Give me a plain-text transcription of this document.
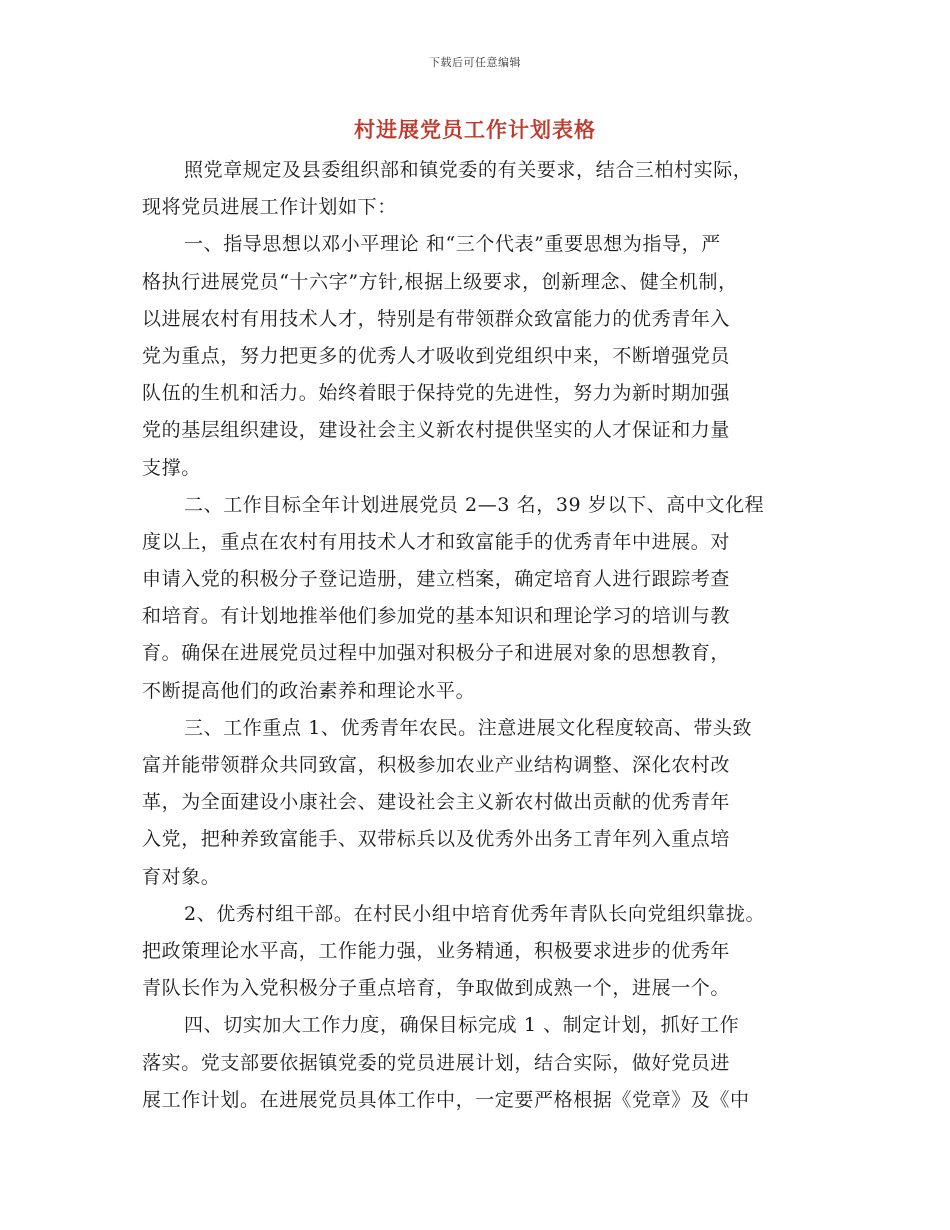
下载后可任意编辑
村进展党员工作计划表格
照党章规定及县委组织部和镇党委的有关要求，结合三柏村实际，
现将党员进展工作计划如下：
一、指导思想以邓小平理论 和“三个代表”重要思想为指导，严
格执行进展党员“十六字”方针,根据上级要求，创新理念、健全机制，
以进展农村有用技术人才，特别是有带领群众致富能力的优秀青年入
党为重点，努力把更多的优秀人才吸收到党组织中来，不断增强党员
队伍的生机和活力。始终着眼于保持党的先进性，努力为新时期加强
党的基层组织建设，建设社会主义新农村提供坚实的人才保证和力量
支撑。
二、工作目标全年计划进展党员 2—3 名，39 岁以下、高中文化程
度以上，重点在农村有用技术人才和致富能手的优秀青年中进展。对
申请入党的积极分子登记造册，建立档案，确定培育人进行跟踪考查
和培育。有计划地推举他们参加党的基本知识和理论学习的培训与教
育。确保在进展党员过程中加强对积极分子和进展对象的思想教育，
不断提高他们的政治素养和理论水平。
三、工作重点 1、优秀青年农民。注意进展文化程度较高、带头致
富并能带领群众共同致富，积极参加农业产业结构调整、深化农村改
革，为全面建设小康社会、建设社会主义新农村做出贡献的优秀青年
入党，把种养致富能手、双带标兵以及优秀外出务工青年列入重点培
育对象。
2、优秀村组干部。在村民小组中培育优秀年青队长向党组织靠拢。
把政策理论水平高，工作能力强，业务精通，积极要求进步的优秀年
青队长作为入党积极分子重点培育，争取做到成熟一个，进展一个。
四、切实加大工作力度，确保目标完成 1 、制定计划，抓好工作
落实。党支部要依据镇党委的党员进展计划，结合实际，做好党员进
展工作计划。在进展党员具体工作中，一定要严格根据《党章》及《中
